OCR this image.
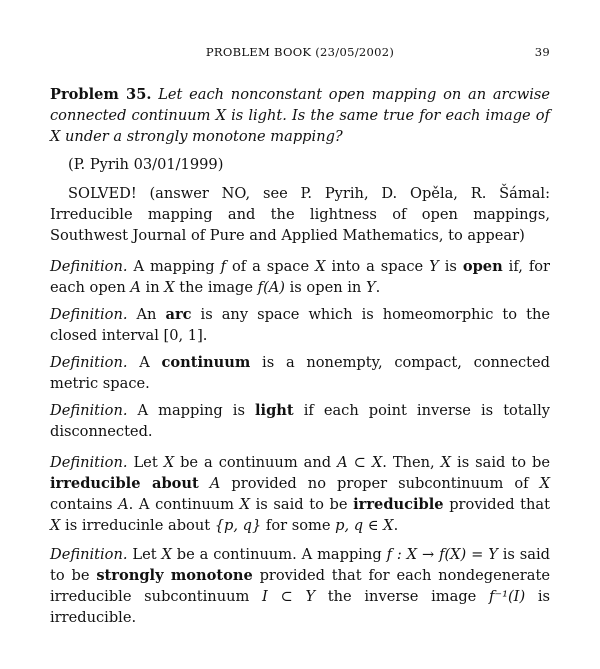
PROBLEM BOOK (23/05/2002)	39
Problem 35. Let each nonconstant open mapping on an arcwise connected continuum X is light. Is the same true for each image of X under a strongly monotone mapping?
(P. Pyrih 03/01/1999)
SOLVED! (answer NO, see P. Pyrih, D. Opěla, R. Šámal: Irreducible mapping and the lightness of open mappings, Southwest Journal of Pure and Applied Mathematics, to appear)
Definition. A mapping f of a space X into a space Y is open if, for each open A in X the image f(A) is open in Y.
Definition. An arc is any space which is homeomorphic to the closed interval [0, 1].
Definition. A continuum is a nonempty, compact, connected metric space.
Definition. A mapping is light if each point inverse is totally disconnected.
Definition. Let X be a continuum and A ⊂ X. Then, X is said to be irreducible about A provided no proper subcontinuum of X contains A. A continuum X is said to be irreducible provided that X is irreducinle about {p, q} for some p, q ∈ X.
Definition. Let X be a continuum. A mapping f : X → f(X) = Y is said to be strongly monotone provided that for each nondegenerate irreducible subcontinuum I ⊂ Y the inverse image f⁻¹(I) is irreducible.
